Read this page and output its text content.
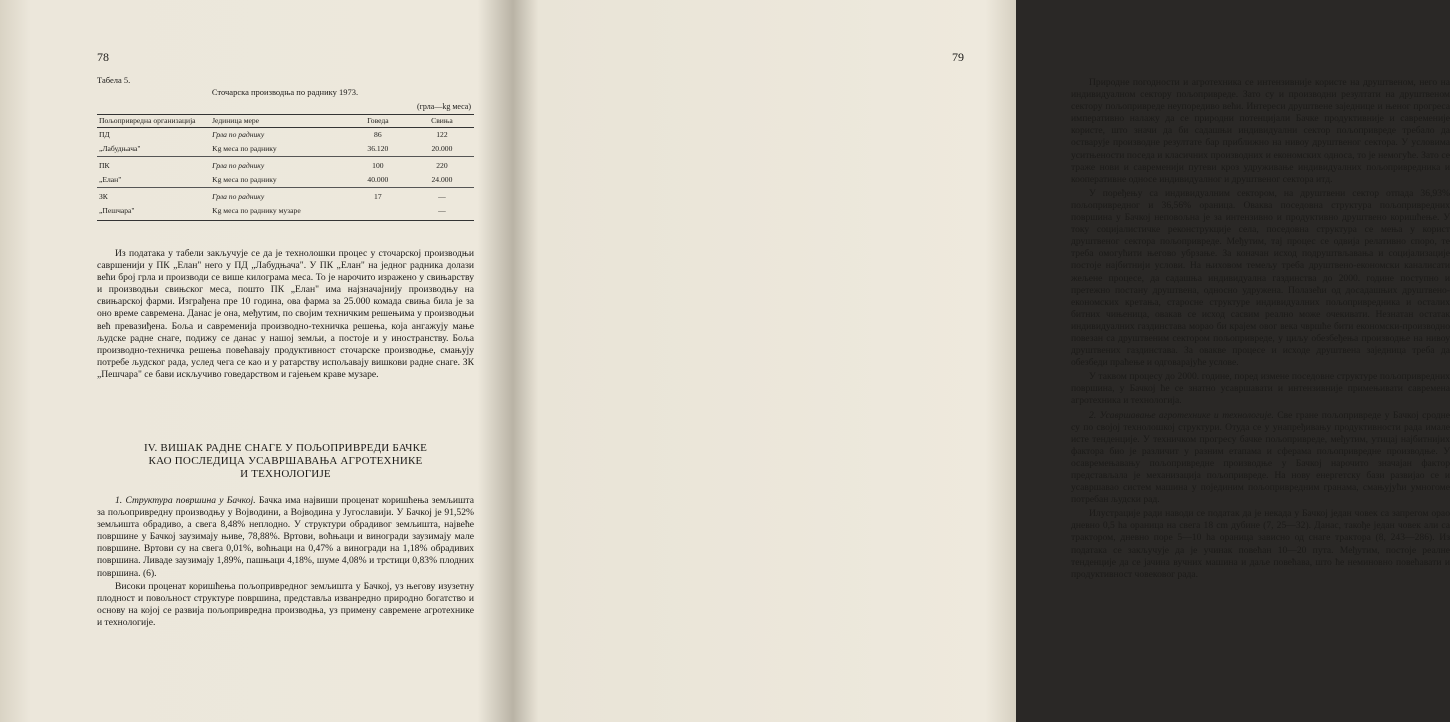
78
Табела 5.
Сточарска производња по раднику 1973.
(грла—kg меса)
Пољопривредна организација	Јединица мере	Говеда	Свиња
ПД	Грла по раднику	86	122
„Лабудњача"	Kg меса по раднику	36.120	20.000
ПК	Грла по раднику	100	220
„Елан"	Kg меса по раднику	40.000	24.000
ЗК	Грла по раднику	17	—
„Пешчара"	Kg меса по раднику музаре		—

Из података у табели закључује се да је технолошки процес у сточарској производњи савршенији у ПК „Елан" него у ПД „Лабудњача". У ПК „Елан" на једног радника долази већи број грла и производи се више килограма меса. То је нарочито изражено у свињарству и производњи свињског меса, пошто ПК „Елан" има најзначајнију производњу на свињарској фарми. Изграђена пре 10 година, ова фарма за 25.000 комада свиња била је за оно време савремена. Данас је она, међутим, по својим техничким решењима у производњи већ превазиђена. Боља и савременија производно-техничка решења, која ангажују мање људске радне снаге, подижу се данас у нашој земљи, а постоје и у иностранству. Боља производно-техничка решења повећавају продуктивност сточарске производње, смањују потребе људског рада, услед чега се као и у ратарству испољавају вишкови радне снаге. ЗК „Пешчара" се бави искључиво говедарством и гајењем краве музаре.

IV. ВИШАК РАДНЕ СНАГЕ У ПОЉОПРИВРЕДИ БАЧКЕ
КАО ПОСЛЕДИЦА УСАВРШАВАЊА АГРОТЕХНИКЕ
И ТЕХНОЛОГИЈЕ

1. Структура површина у Бачкој. Бачка има највиши проценат коришћења земљишта за пољопривредну производњу у Војводини, а Војводина у Југославији. У Бачкој је 91,52% земљишта обрадиво, а свега 8,48% неплодно. У структури обрадивог земљишта, највеће површине у Бачкој заузимају њиве, 78,88%. Вртови, воћњаци и виногради заузимају мале површине. Вртови су на свега 0,01%, воћњаци на 0,47% а виногради на 1,18% обрадивих површина. Ливаде заузимају 1,89%, пашњаци 4,18%, шуме 4,08% и трстици 0,83% плодних површина. (6).

Високи проценат коришћења пољопривредног земљишта у Бачкој, уз његову изузетну плодност и повољност структуре површина, представља изванредно природно богатство и основу на којој се развија пољопривредна производња, уз примену савремене агротехнике и технологије.

79

Природне погодности и агротехника се интензивније користе на друштвеном, него на индивидуалном сектору пољопривреде. Зато су и производни резултати на друштвеном сектору пољопривреде неупоредиво већи. Интереси друштвене заједнице и њеног прогреса императивно налажу да се природни потенцијали Бачке продуктивније и савременије користе, што значи да би садашњи индивидуални сектор пољопривреде требало да остварује производне резултате бар приближно на нивоу друштвеног сектора. У условима уситњености поседа и класичних производних и економских односа, то је немогуће. Зато се траже нови и савременији путеви кроз удруживање индивидуалних пољопривредника и кооперативне односе индивидуалног и друштвеног сектора итд.

У поређењу са индивидуалним сектором, на друштвени сектор отпада 36,93% пољопривредног и 36,56% ораница. Оваква поседовна структура пољопривредних површина у Бачкој неповољна је за интензивно и продуктивно друштвено коришћење. У току социјалистичке реконструкције села, поседовна структура се мења у корист друштвеног сектора пољопривреде. Међутим, тај процес се одвија релативно споро, те треба омогућити његово убрзање. За коначан исход подруштвљавања и социјализације постоје најбитнији услови. На њиховом темељу треба друштвено-економски каналисати жељене процесе, да садашња индивидуална газдинства до 2000. године поступно и претежно постану друштвена, односно удружена. Полазећи од досадашњих друштвено-економских кретања, старосне структуре индивидуалних пољопривредника и осталих битних чињеница, овакав се исход сасвим реално може очекивати. Незнатан остатак индивидуалних газдинстава морао би крајем овог века чвршће бити економски-производно повезан са друштвеним сектором пољопривреде, у циљу обезбеђења производње на нивоу друштвених газдинстава. За овакве процесе и исходе друштвена заједница треба да обезбеди праћење и одговарајуће услове.

У таквом процесу до 2000. године, поред измене поседовне структуре пољопривредних површина, у Бачкој ће се знатно усавршавати и интензивније примењивати савремена агротехника и технологија.

2. Усавршавање агротехнике и технологије. Све гране пољопривреде у Бачкој сродне су по својој технолошкој структури. Отуда се у унапређивању продуктивности рада имале исте тенденције. У техничком прогресу бачке пољопривреде, међутим, утицај најбитнијих фактора био је различит у разним етапама и сферама пољопривредне производње. У осавремењавању пољопривредне производње у Бачкој нарочито значајан фактор представљала је механизација пољопривреде. На нову енергетску бази развијао се и усавршавао систем машина у појединим пољопривредним гранама, смањујући умногоме потребан људски рад.

Илустрације ради наводи се податак да је некада у Бачкој један човек са запрегом орао дневно 0,5 ha ораница на свега 18 cm дубине (7, 25—32). Данас, такође један човек али са трактором, дневно поре 5—10 ha ораница зависно од снаге трактора (8, 243—286). Из података се закључује да је учинак повећан 10—20 пута. Међутим, постоје реалне тенденције да се јачина вучних машина и даље повећава, што ће неминовно повећавати и продуктивност човековог рада.
